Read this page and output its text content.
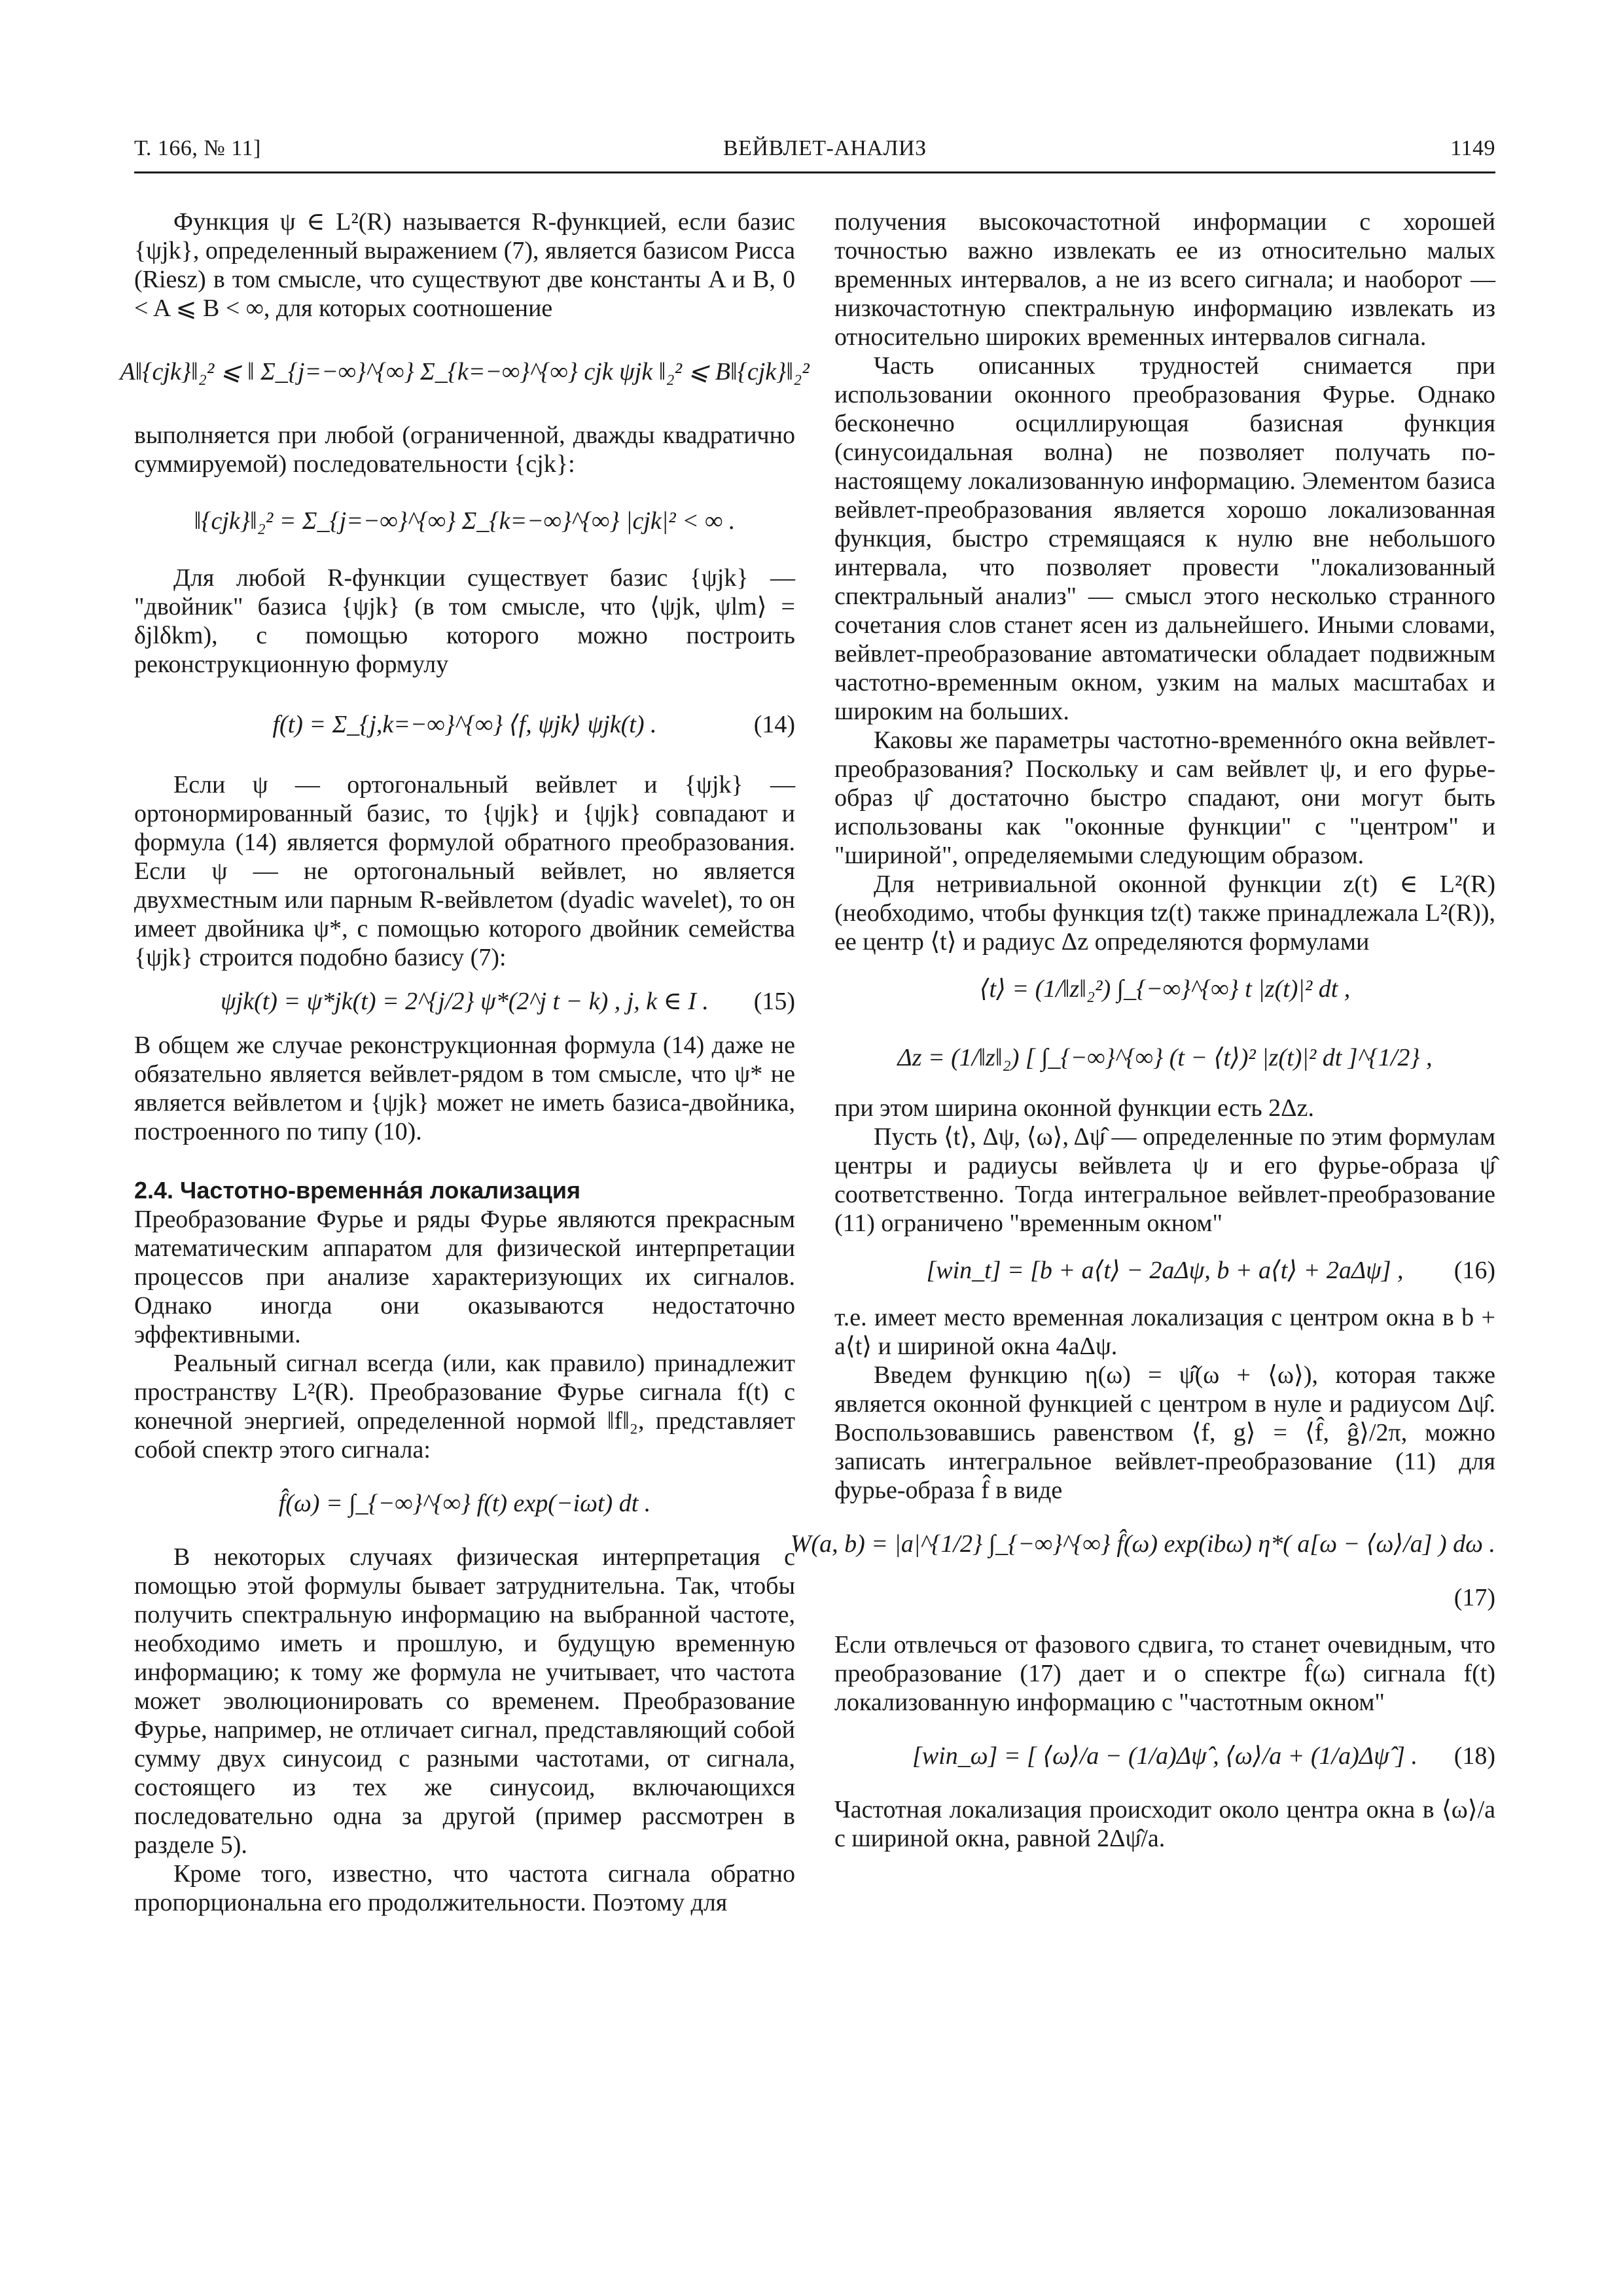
Т. 166, № 11]	ВЕЙВЛЕТ-АНАЛИЗ	1149

Функция ψ ∈ L²(R) называется R-функцией, если базис {ψjk}, определенный выражением (7), является базисом Рисса (Riesz) в том смысле, что существуют две константы A и B, 0 < A ⩽ B < ∞, для которых соотношение

A‖{cjk}‖₂² ⩽ ‖ Σ_{j=−∞}^{∞} Σ_{k=−∞}^{∞} cjk ψjk ‖₂² ⩽ B‖{cjk}‖₂²

выполняется при любой (ограниченной, дважды квадратично суммируемой) последовательности {cjk}:

‖{cjk}‖₂² = Σ_{j=−∞}^{∞} Σ_{k=−∞}^{∞} |cjk|² < ∞ .

Для любой R-функции существует базис {ψjk} — "двойник" базиса {ψjk} (в том смысле, что ⟨ψjk, ψlm⟩ = δjlδkm), с помощью которого можно построить реконструкционную формулу

f(t) = Σ_{j,k=−∞}^{∞} ⟨f, ψjk⟩ ψjk(t) .	(14)

Если ψ — ортогональный вейвлет и {ψjk} — ортонормированный базис, то {ψjk} и {ψjk} совпадают и формула (14) является формулой обратного преобразования. Если ψ — не ортогональный вейвлет, но является двухместным или парным R-вейвлетом (dyadic wavelet), то он имеет двойника ψ*, с помощью которого двойник семейства {ψjk} строится подобно базису (7):

ψjk(t) = ψ*jk(t) = 2^{j/2} ψ*(2^j t − k) , j, k ∈ I . (15)

В общем же случае реконструкционная формула (14) даже не обязательно является вейвлет-рядом в том смысле, что ψ* не является вейвлетом и {ψjk} может не иметь базиса-двойника, построенного по типу (10).

2.4. Частотно-временнáя локализация

Преобразование Фурье и ряды Фурье являются прекрасным математическим аппаратом для физической интерпретации процессов при анализе характеризующих их сигналов. Однако иногда они оказываются недостаточно эффективными.

Реальный сигнал всегда (или, как правило) принадлежит пространству L²(R). Преобразование Фурье сигнала f(t) с конечной энергией, определенной нормой ‖f‖₂, представляет собой спектр этого сигнала:

f̂(ω) = ∫_{−∞}^{∞} f(t) exp(−iωt) dt .

В некоторых случаях физическая интерпретация с помощью этой формулы бывает затруднительна. Так, чтобы получить спектральную информацию на выбранной частоте, необходимо иметь и прошлую, и будущую временную информацию; к тому же формула не учитывает, что частота может эволюционировать со временем. Преобразование Фурье, например, не отличает сигнал, представляющий собой сумму двух синусоид с разными частотами, от сигнала, состоящего из тех же синусоид, включающихся последовательно одна за другой (пример рассмотрен в разделе 5).

Кроме того, известно, что частота сигнала обратно пропорциональна его продолжительности. Поэтому для

получения высокочастотной информации с хорошей точностью важно извлекать ее из относительно малых временных интервалов, а не из всего сигнала; и наоборот — низкочастотную спектральную информацию извлекать из относительно широких временных интервалов сигнала.

Часть описанных трудностей снимается при использовании оконного преобразования Фурье. Однако бесконечно осциллирующая базисная функция (синусоидальная волна) не позволяет получать по-настоящему локализованную информацию. Элементом базиса вейвлет-преобразования является хорошо локализованная функция, быстро стремящаяся к нулю вне небольшого интервала, что позволяет провести "локализованный спектральный анализ" — смысл этого несколько странного сочетания слов станет ясен из дальнейшего. Иными словами, вейвлет-преобразование автоматически обладает подвижным частотно-временным окном, узким на малых масштабах и широким на больших.

Каковы же параметры частотно-временнóго окна вейвлет-преобразования? Поскольку и сам вейвлет ψ, и его фурье-образ ψ̂ достаточно быстро спадают, они могут быть использованы как "оконные функции" с "центром" и "шириной", определяемыми следующим образом.

Для нетривиальной оконной функции z(t) ∈ L²(R) (необходимо, чтобы функция tz(t) также принадлежала L²(R)), ее центр ⟨t⟩ и радиус Δz определяются формулами

⟨t⟩ = (1/‖z‖₂²) ∫_{−∞}^{∞} t |z(t)|² dt ,
Δz = (1/‖z‖₂) [ ∫_{−∞}^{∞} (t − ⟨t⟩)² |z(t)|² dt ]^{1/2} ,

при этом ширина оконной функции есть 2Δz.

Пусть ⟨t⟩, Δψ, ⟨ω⟩, Δψ̂ — определенные по этим формулам центры и радиусы вейвлета ψ и его фурье-образа ψ̂ соответственно. Тогда интегральное вейвлет-преобразование (11) ограничено "временным окном"

[win_t] = [b + a⟨t⟩ − 2aΔψ, b + a⟨t⟩ + 2aΔψ] , (16)

т.е. имеет место временная локализация с центром окна в b + a⟨t⟩ и шириной окна 4aΔψ.

Введем функцию η(ω) = ψ̂(ω + ⟨ω⟩), которая также является оконной функцией с центром в нуле и радиусом Δψ̂. Воспользовавшись равенством ⟨f, g⟩ = ⟨f̂, ĝ⟩/2π, можно записать интегральное вейвлет-преобразование (11) для фурье-образа f̂ в виде

W(a, b) = |a|^{1/2} ∫_{−∞}^{∞} f̂(ω) exp(ibω) η*( a[ω − ⟨ω⟩/a] ) dω .
(17)

Если отвлечься от фазового сдвига, то станет очевидным, что преобразование (17) дает и о спектре f̂(ω) сигнала f(t) локализованную информацию с "частотным окном"

[win_ω] = [ ⟨ω⟩/a − (1/a)Δψ̂ , ⟨ω⟩/a + (1/a)Δψ̂ ] . (18)

Частотная локализация происходит около центра окна в ⟨ω⟩/a с шириной окна, равной 2Δψ̂/a.
